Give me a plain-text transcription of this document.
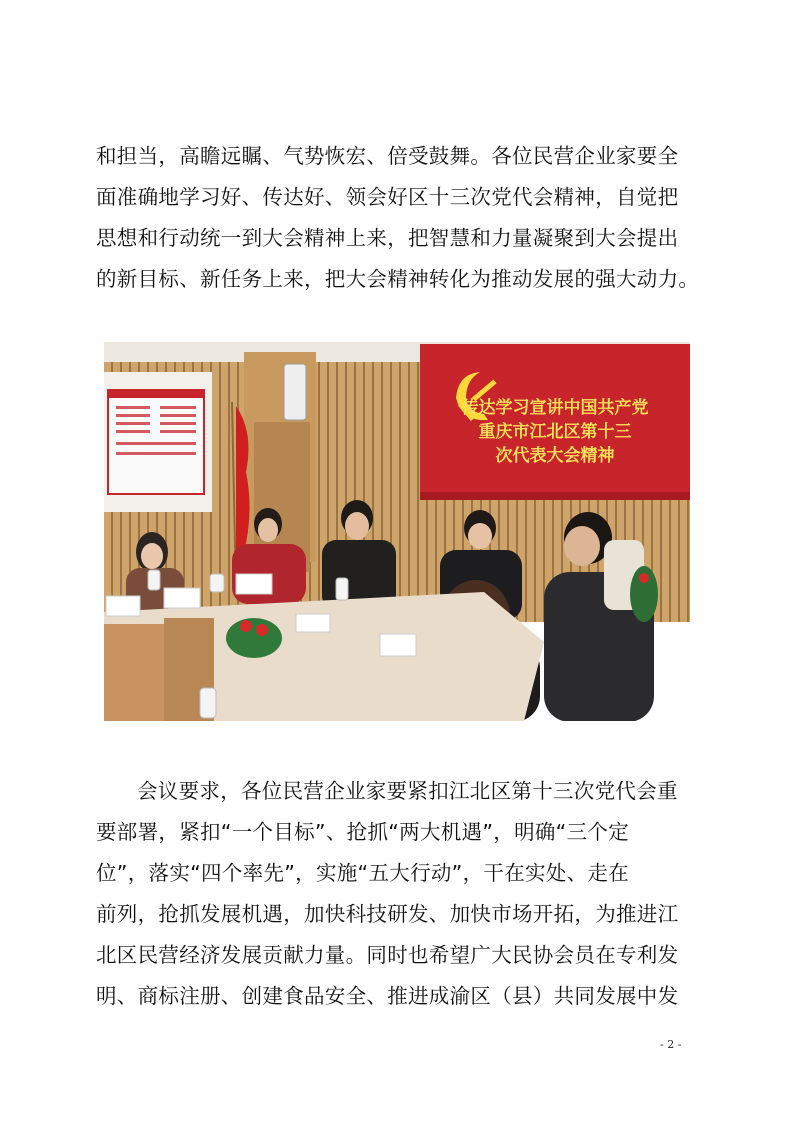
和担当，高瞻远瞩、气势恢宏、倍受鼓舞。各位民营企业家要全
面准确地学习好、传达好、领会好区十三次党代会精神，自觉把
思想和行动统一到大会精神上来，把智慧和力量凝聚到大会提出
的新目标、新任务上来，把大会精神转化为推动发展的强大动力。
传达学习宣讲中国共产党
重庆市江北区第十三
次代表大会精神
会议要求，各位民营企业家要紧扣江北区第十三次党代会重
要部署，紧扣“一个目标”、抢抓“两大机遇”，明确“三个定
位”，落实“四个率先”，实施“五大行动”，干在实处、走在
前列，抢抓发展机遇，加快科技研发、加快市场开拓，为推进江
北区民营经济发展贡献力量。同时也希望广大民协会员在专利发
明、商标注册、创建食品安全、推进成渝区（县）共同发展中发
- 2 -
